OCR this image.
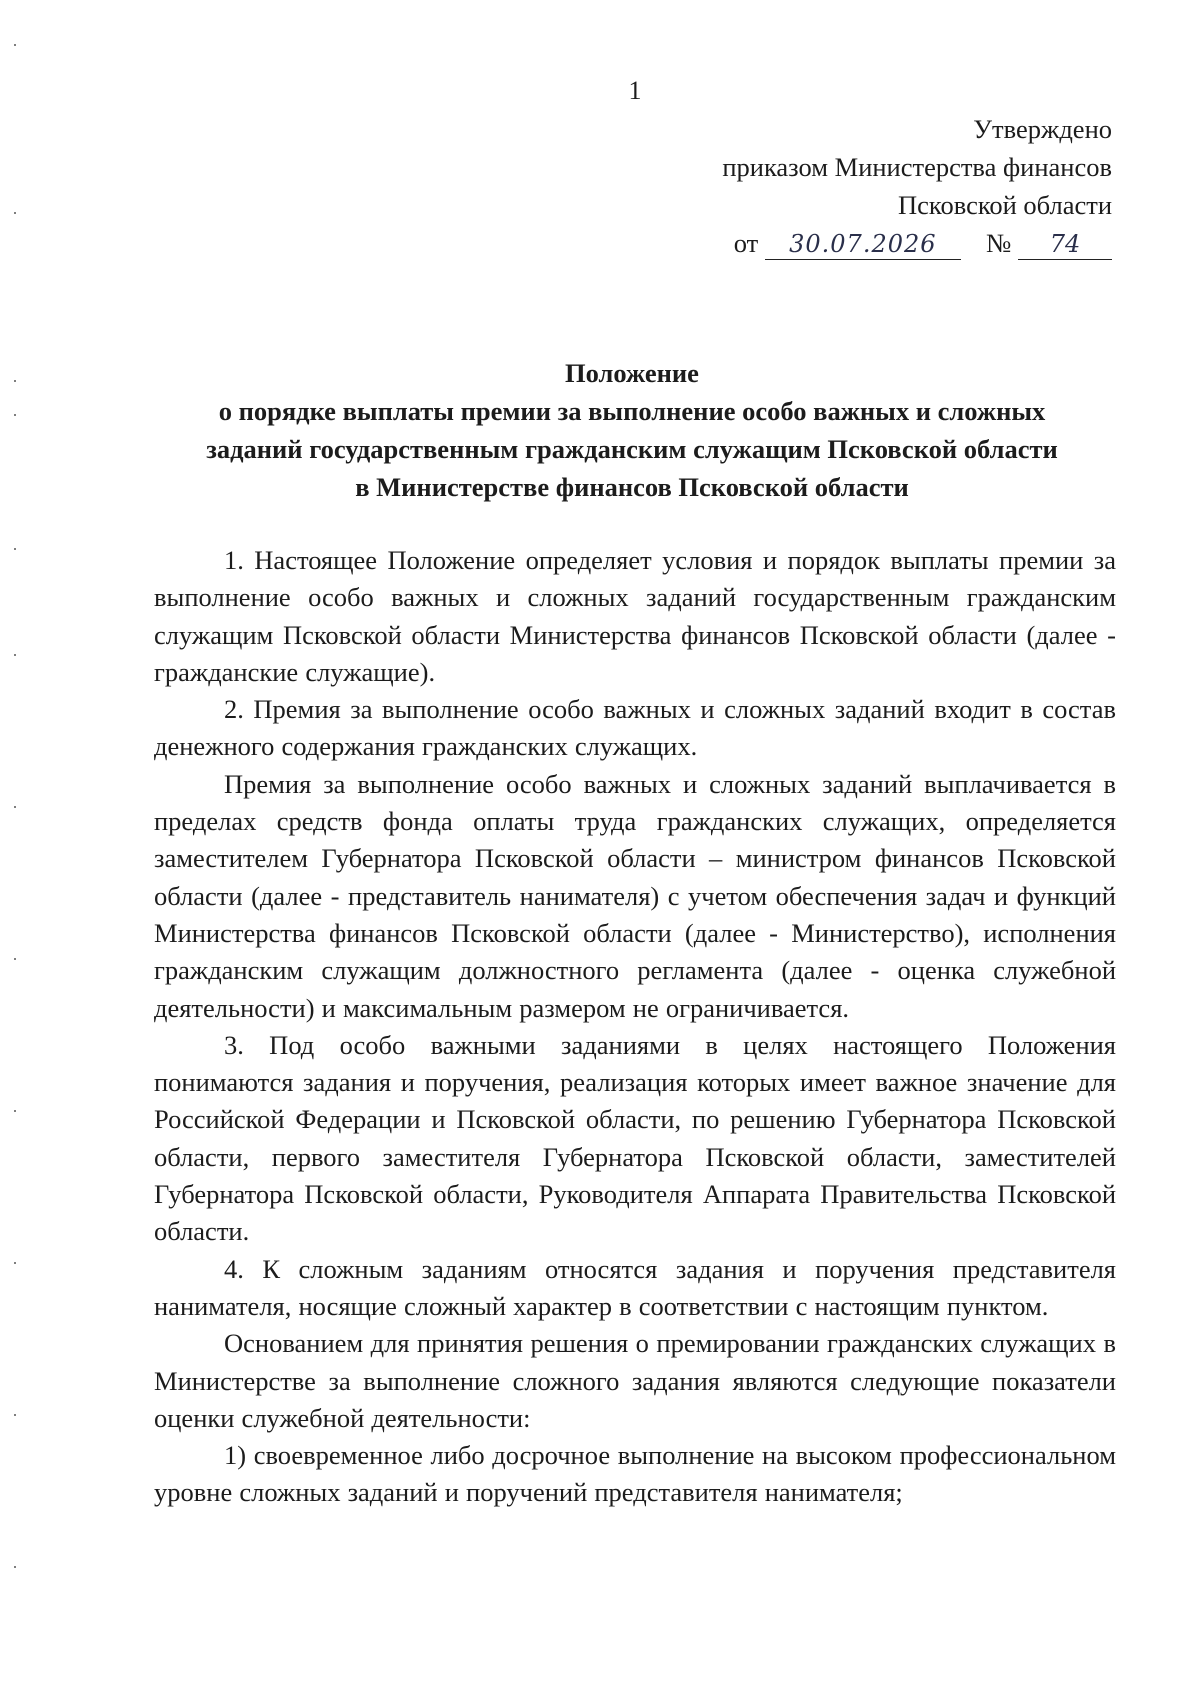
1
Утверждено
приказом Министерства финансов
Псковской области
от 30.07.2026 № 74
Положение
о порядке выплаты премии за выполнение особо важных и сложных
заданий государственным гражданским служащим Псковской области
в Министерстве финансов Псковской области

1. Настоящее Положение определяет условия и порядок выплаты премии за выполнение особо важных и сложных заданий государственным гражданским служащим Псковской области Министерства финансов Псковской области (далее - гражданские служащие).

2. Премия за выполнение особо важных и сложных заданий входит в состав денежного содержания гражданских служащих.

Премия за выполнение особо важных и сложных заданий выплачивается в пределах средств фонда оплаты труда гражданских служащих, определяется заместителем Губернатора Псковской области – министром финансов Псковской области (далее - представитель нанимателя) с учетом обеспечения задач и функций Министерства финансов Псковской области (далее - Министерство), исполнения гражданским служащим должностного регламента (далее - оценка служебной деятельности) и максимальным размером не ограничивается.

3. Под особо важными заданиями в целях настоящего Положения понимаются задания и поручения, реализация которых имеет важное значение для Российской Федерации и Псковской области, по решению Губернатора Псковской области, первого заместителя Губернатора Псковской области, заместителей Губернатора Псковской области, Руководителя Аппарата Правительства Псковской области.

4. К сложным заданиям относятся задания и поручения представителя нанимателя, носящие сложный характер в соответствии с настоящим пунктом.

Основанием для принятия решения о премировании гражданских служащих в Министерстве за выполнение сложного задания являются следующие показатели оценки служебной деятельности:

1) своевременное либо досрочное выполнение на высоком профессиональном уровне сложных заданий и поручений представителя нанимателя;
